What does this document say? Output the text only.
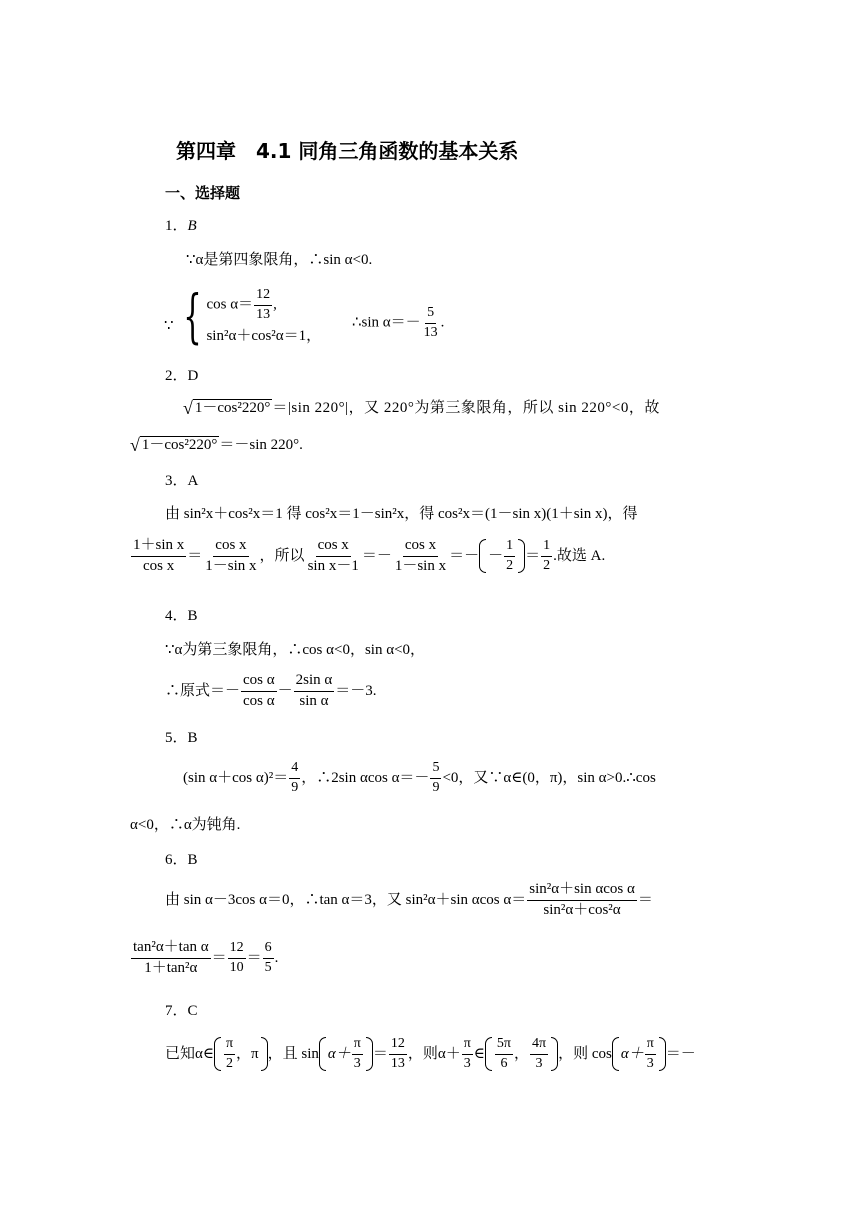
第四章　4.1 同角三角函数的基本关系
一、选择题
1．B
∵α是第四象限角，∴sin α<0.
∵ { $\cos \alpha= \frac{12}{13}$ ,
sin²α＋cos²α＝1，
∴sin $\alpha=- \frac{5}{13}$ .
2．D
√ 1－cos²220° ＝|sin 220°|，又 220°为第三象限角，所以 sin 220°<0，故
√ 1－cos²220° ＝－sin 220°.
3．A
由 sin²x＋cos²x＝1 得 cos²x＝1－sin²x，得 cos²x＝(1－sin x)(1＋sin x)，得
$\frac{\text{1＋sin x}}{\text{cos x}} = \frac{\text{cos x}}{\text{1－sin x}}$ ，所以 $\frac{\text{cos x}}{\text{sin x－1}} =- \frac{\text{cos x}}{\text{1－sin x}}$ ＝－ － $\frac{1}{2} = \frac{1}{2}$ .故选 A.
4．B
∵α为第三象限角，∴cos α<0，sin α<0，
∴原式＝－ $\frac{\text{cos α}}{\text{cos α}} - \frac{\text{2sin α}}{\text{sin α}} =-3$.
5．B
(sin α＋cos $\alpha)^2= \frac{4}{9}$ ，∴2sin αcos $\alpha=- \frac{5}{9} <0$，又∵α∈(0，π)，sin α>0.∴cos
α<0，∴α为钝角.
6．B
由 sin α－3cos α＝0，∴tan α＝3，又 sin²α＋sin αcos $\alpha= \frac{\text{sin²α＋sin αcos α}}{\text{sin²α＋cos²α}}$ ＝
$\frac{\text{tan²α＋tan α}}{\text{1＋tan²α}} = \frac{12}{10} = \frac{6}{5}$ .
7．C
已知α∈ $\frac{\pi}{2}$ ，π ，且 $\sin \alpha+ \frac{\pi}{3} = \frac{12}{13}$ ，则$\alpha+ \frac{\pi}{3}$ ∈ $\frac{5\pi}{6}$ ， $\frac{4\pi}{3}$ ，则 $\cos \alpha+ \frac{\pi}{3}$ ＝－
